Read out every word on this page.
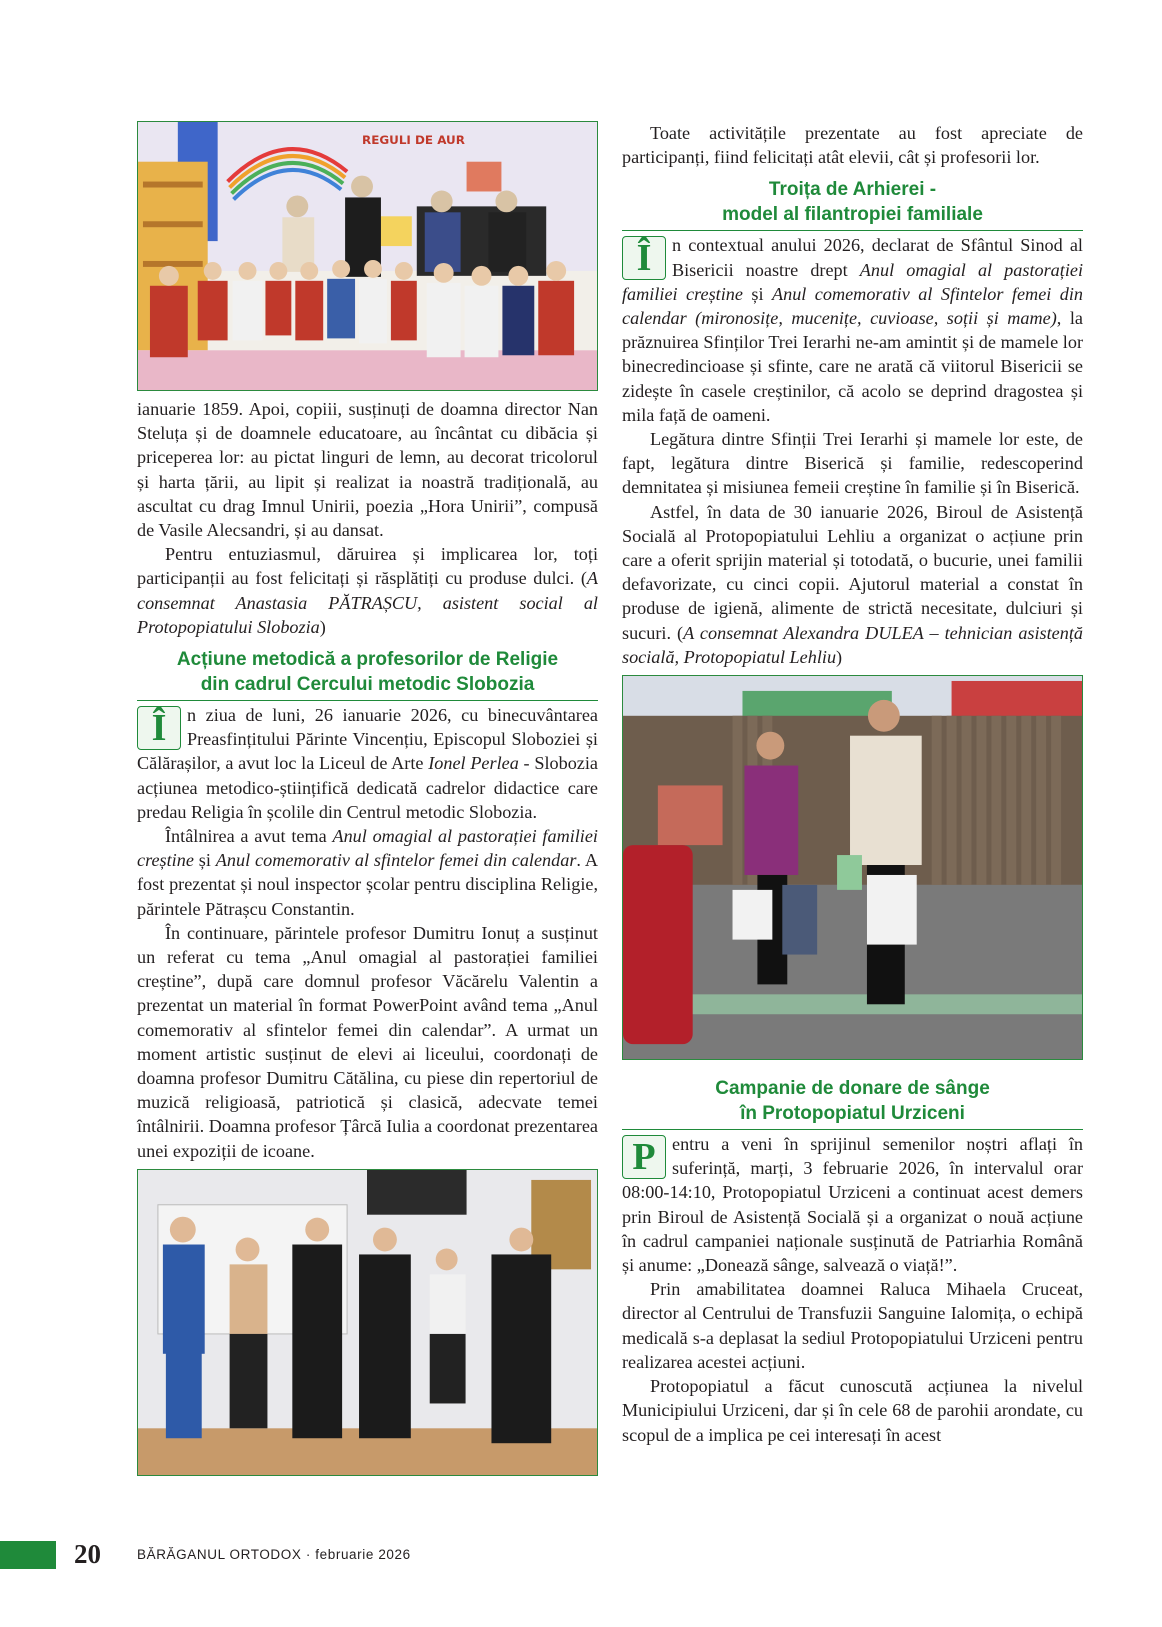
REGULI DE AUR

ianuarie 1859. Apoi, copiii, susținuți de doamna director Nan Steluța și de doamnele educatoare, au încântat cu dibăcia și priceperea lor: au pictat linguri de lemn, au decorat tricolorul și harta țării, au lipit și realizat ia noastră tradițională, au ascultat cu drag Imnul Unirii, poezia „Hora Unirii”, compusă de Vasile Alecsandri, și au dansat.

Pentru entuziasmul, dăruirea și implicarea lor, toți participanții au fost felicitați și răsplătiți cu produse dulci. (A consemnat Anastasia PĂTRAȘCU, asistent social al Protopopiatului Slobozia)

Acțiune metodică a profesorilor de Religie
din cadrul Cercului metodic Slobozia

Î	n ziua de luni, 26 ianuarie 2026, cu binecuvântarea Preasfințitului Părinte Vincențiu, Episcopul Sloboziei și Călărașilor, a avut loc la Liceul de Arte Ionel Perlea - Slobozia acțiunea metodico-științifică dedicată cadrelor didactice care predau Religia în școlile din Centrul metodic Slobozia.

Întâlnirea a avut tema Anul omagial al pastorației familiei creștine și Anul comemorativ al sfintelor femei din calendar. A fost prezentat și noul inspector școlar pentru disciplina Religie, părintele Pătrașcu Constantin.

În continuare, părintele profesor Dumitru Ionuț a susținut un referat cu tema „Anul omagial al pastorației familiei creștine”, după care domnul profesor Văcărelu Valentin a prezentat un material în format PowerPoint având tema „Anul comemorativ al sfintelor femei din calendar”. A urmat un moment artistic susținut de elevi ai liceului, coordonați de doamna profesor Dumitru Cătălina, cu piese din repertoriul de muzică religioasă, patriotică și clasică, adecvate temei întâlnirii. Doamna profesor Țârcă Iulia a coordonat prezentarea unei expoziții de icoane.

Toate activitățile prezentate au fost apreciate de participanți, fiind felicitați atât elevii, cât și profesorii lor.

Troița de Arhierei -
model al filantropiei familiale

Î	n contextual anului 2026, declarat de Sfântul Sinod al Bisericii noastre drept Anul omagial al pastorației familiei creștine și Anul comemorativ al Sfintelor femei din calendar (mironosițe, mucenițe, cuvioase, soții și mame), la prăznuirea Sfinților Trei Ierarhi ne-am amintit și de mamele lor binecredincioase și sfinte, care ne arată că viitorul Bisericii se zidește în casele creștinilor, că acolo se deprind dragostea și mila față de oameni.

Legătura dintre Sfinții Trei Ierarhi și mamele lor este, de fapt, legătura dintre Biserică și familie, redescoperind demnitatea și misiunea femeii creștine în familie și în Biserică.

Astfel, în data de 30 ianuarie 2026, Biroul de Asistență Socială al Protopopiatului Lehliu a organizat o acțiune prin care a oferit sprijin material și totodată, o bucurie, unei familii defavorizate, cu cinci copii. Ajutorul material a constat în produse de igienă, alimente de strictă necesitate, dulciuri și sucuri. (A consemnat Alexandra DULEA – tehnician asistență socială, Protopopiatul Lehliu)

Campanie de donare de sânge
în Protopopiatul Urziceni

P entru a veni în sprijinul semenilor noștri aflați în suferință, marți, 3 februarie 2026, în intervalul orar 08:00-14:10, Protopopiatul Urziceni a continuat acest demers prin Biroul de Asistență Socială și a organizat o nouă acțiune în cadrul campaniei naționale susținută de Patriarhia Română și anume: „Donează sânge, salvează o viață!”.

Prin amabilitatea doamnei Raluca Mihaela Cruceat, director al Centrului de Transfuzii Sanguine Ialomița, o echipă medicală s-a deplasat la sediul Protopopiatului Urziceni pentru realizarea acestei acțiuni.

Protopopiatul a făcut cunoscută acțiunea la nivelul Municipiului Urziceni, dar și în cele 68 de parohii arondate, cu scopul de a implica pe cei interesați în acest

20	BĂRĂGANUL ORTODOX · februarie 2026
